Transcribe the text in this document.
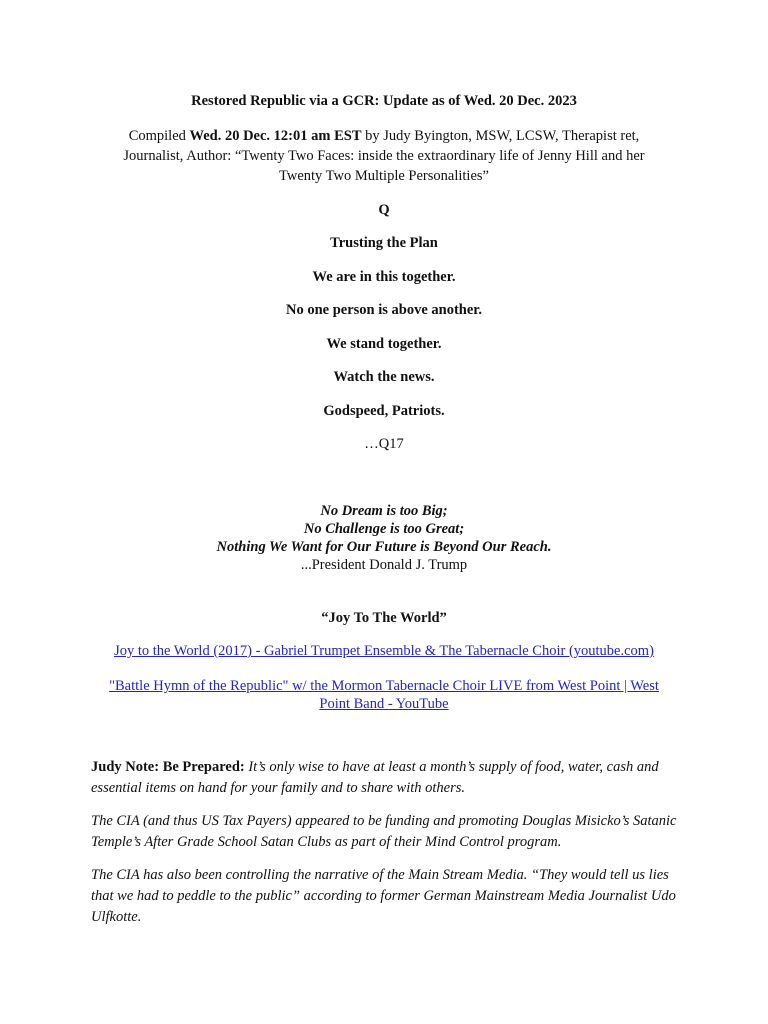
Restored Republic via a GCR: Update as of Wed. 20 Dec. 2023
Compiled Wed. 20 Dec. 12:01 am EST by Judy Byington, MSW, LCSW, Therapist ret,
Journalist, Author: “Twenty Two Faces: inside the extraordinary life of Jenny Hill and her
Twenty Two Multiple Personalities”
Q
Trusting the Plan
We are in this together.
No one person is above another.
We stand together.
Watch the news.
Godspeed, Patriots.
…Q17
No Dream is too Big;
No Challenge is too Great;
Nothing We Want for Our Future is Beyond Our Reach.
...President Donald J. Trump
“Joy To The World”
Joy to the World (2017) - Gabriel Trumpet Ensemble & The Tabernacle Choir (youtube.com)
"Battle Hymn of the Republic" w/ the Mormon Tabernacle Choir LIVE from West Point | West
Point Band - YouTube
Judy Note: Be Prepared: It’s only wise to have at least a month’s supply of food, water, cash and essential items on hand for your family and to share with others.
The CIA (and thus US Tax Payers) appeared to be funding and promoting Douglas Misicko’s Satanic Temple’s After Grade School Satan Clubs as part of their Mind Control program.
The CIA has also been controlling the narrative of the Main Stream Media. “They would tell us lies that we had to peddle to the public” according to former German Mainstream Media Journalist Udo Ulfkotte.
